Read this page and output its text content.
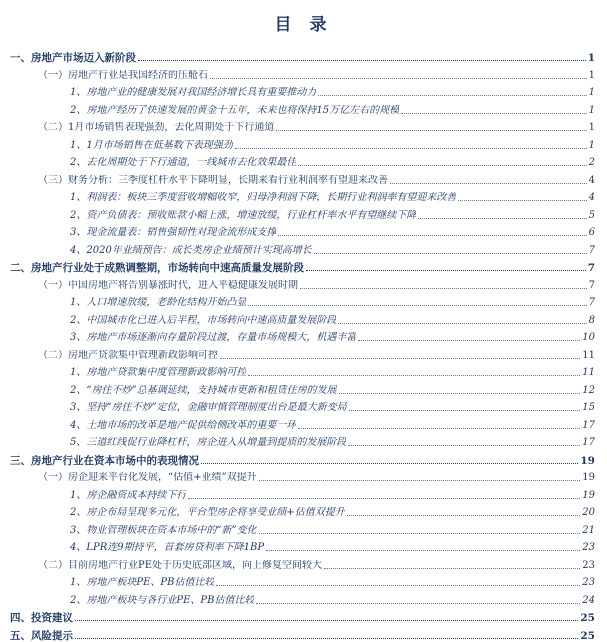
目 录
一、房地产市场迈入新阶段	1
（一）房地产行业是我国经济的压舱石	1
1、房地产业的健康发展对我国经济增长具有重要推动力	1
2、房地产经历了快速发展的黄金十五年，未来也将保持15万亿左右的规模	1
（二）1月市场销售表现强劲，去化周期处于下行通道	1
1、1月市场销售在低基数下表现强劲	1
2、去化周期处于下行通道，一线城市去化效果最佳	2
（三）财务分析：三季度杠杆水平下降明显，长期来看行业利润率有望迎来改善	4
1、利润表：板块三季度营收增幅收窄，归母净利润下降，长期行业利润率有望迎来改善	4
2、资产负债表：预收账款小幅上涨，增速放缓，行业杠杆率水平有望继续下降	5
3、现金流量表：销售强韧性对现金流形成支撑	6
4、2020年业绩预告：成长类房企业绩预计实现高增长	7
二、房地产行业处于成熟调整期，市场转向中速高质量发展阶段	7
（一）中国房地产将告别暴涨时代，进入平稳健康发展时期	7
1、人口增速放缓，老龄化结构开始凸显	7
2、中国城市化已进入后半程，市场转向中速高质量发展阶段	8
3、房地产市场逐渐向存量阶段过渡，存量市场规模大，机遇丰富	10
（二）房地产贷款集中管理新政影响可控	11
1、房地产贷款集中度管理新政影响可控	11
2、“房住不炒”总基调延续，支持城市更新和租赁住房的发展	12
3、坚持“房住不炒”定位，金融审慎管理制度出台是最大新变局	15
4、土地市场的改革是地产促供给侧改革的重要一环	17
5、三道红线促行业降杠杆，房企进入从增量到提质的发展阶段	17
三、房地产行业在资本市场中的表现情况	19
（一）房企迎来平台化发展，“估值+业绩”双提升	19
1、房企融资成本持续下行	19
2、房企布局呈现多元化，平台型房企将享受业绩+估值双提升	20
3、物业管理板块在资本市场中的“新”变化	21
4、LPR连9期持平，首套房贷利率下降1BP	23
（二）目前房地产行业PE处于历史底部区域，向上修复空间较大	23
1、房地产板块PE、PB估值比较	23
2、房地产板块与各行业PE、PB估值比较	24
四、投资建议	25
五、风险提示	25
